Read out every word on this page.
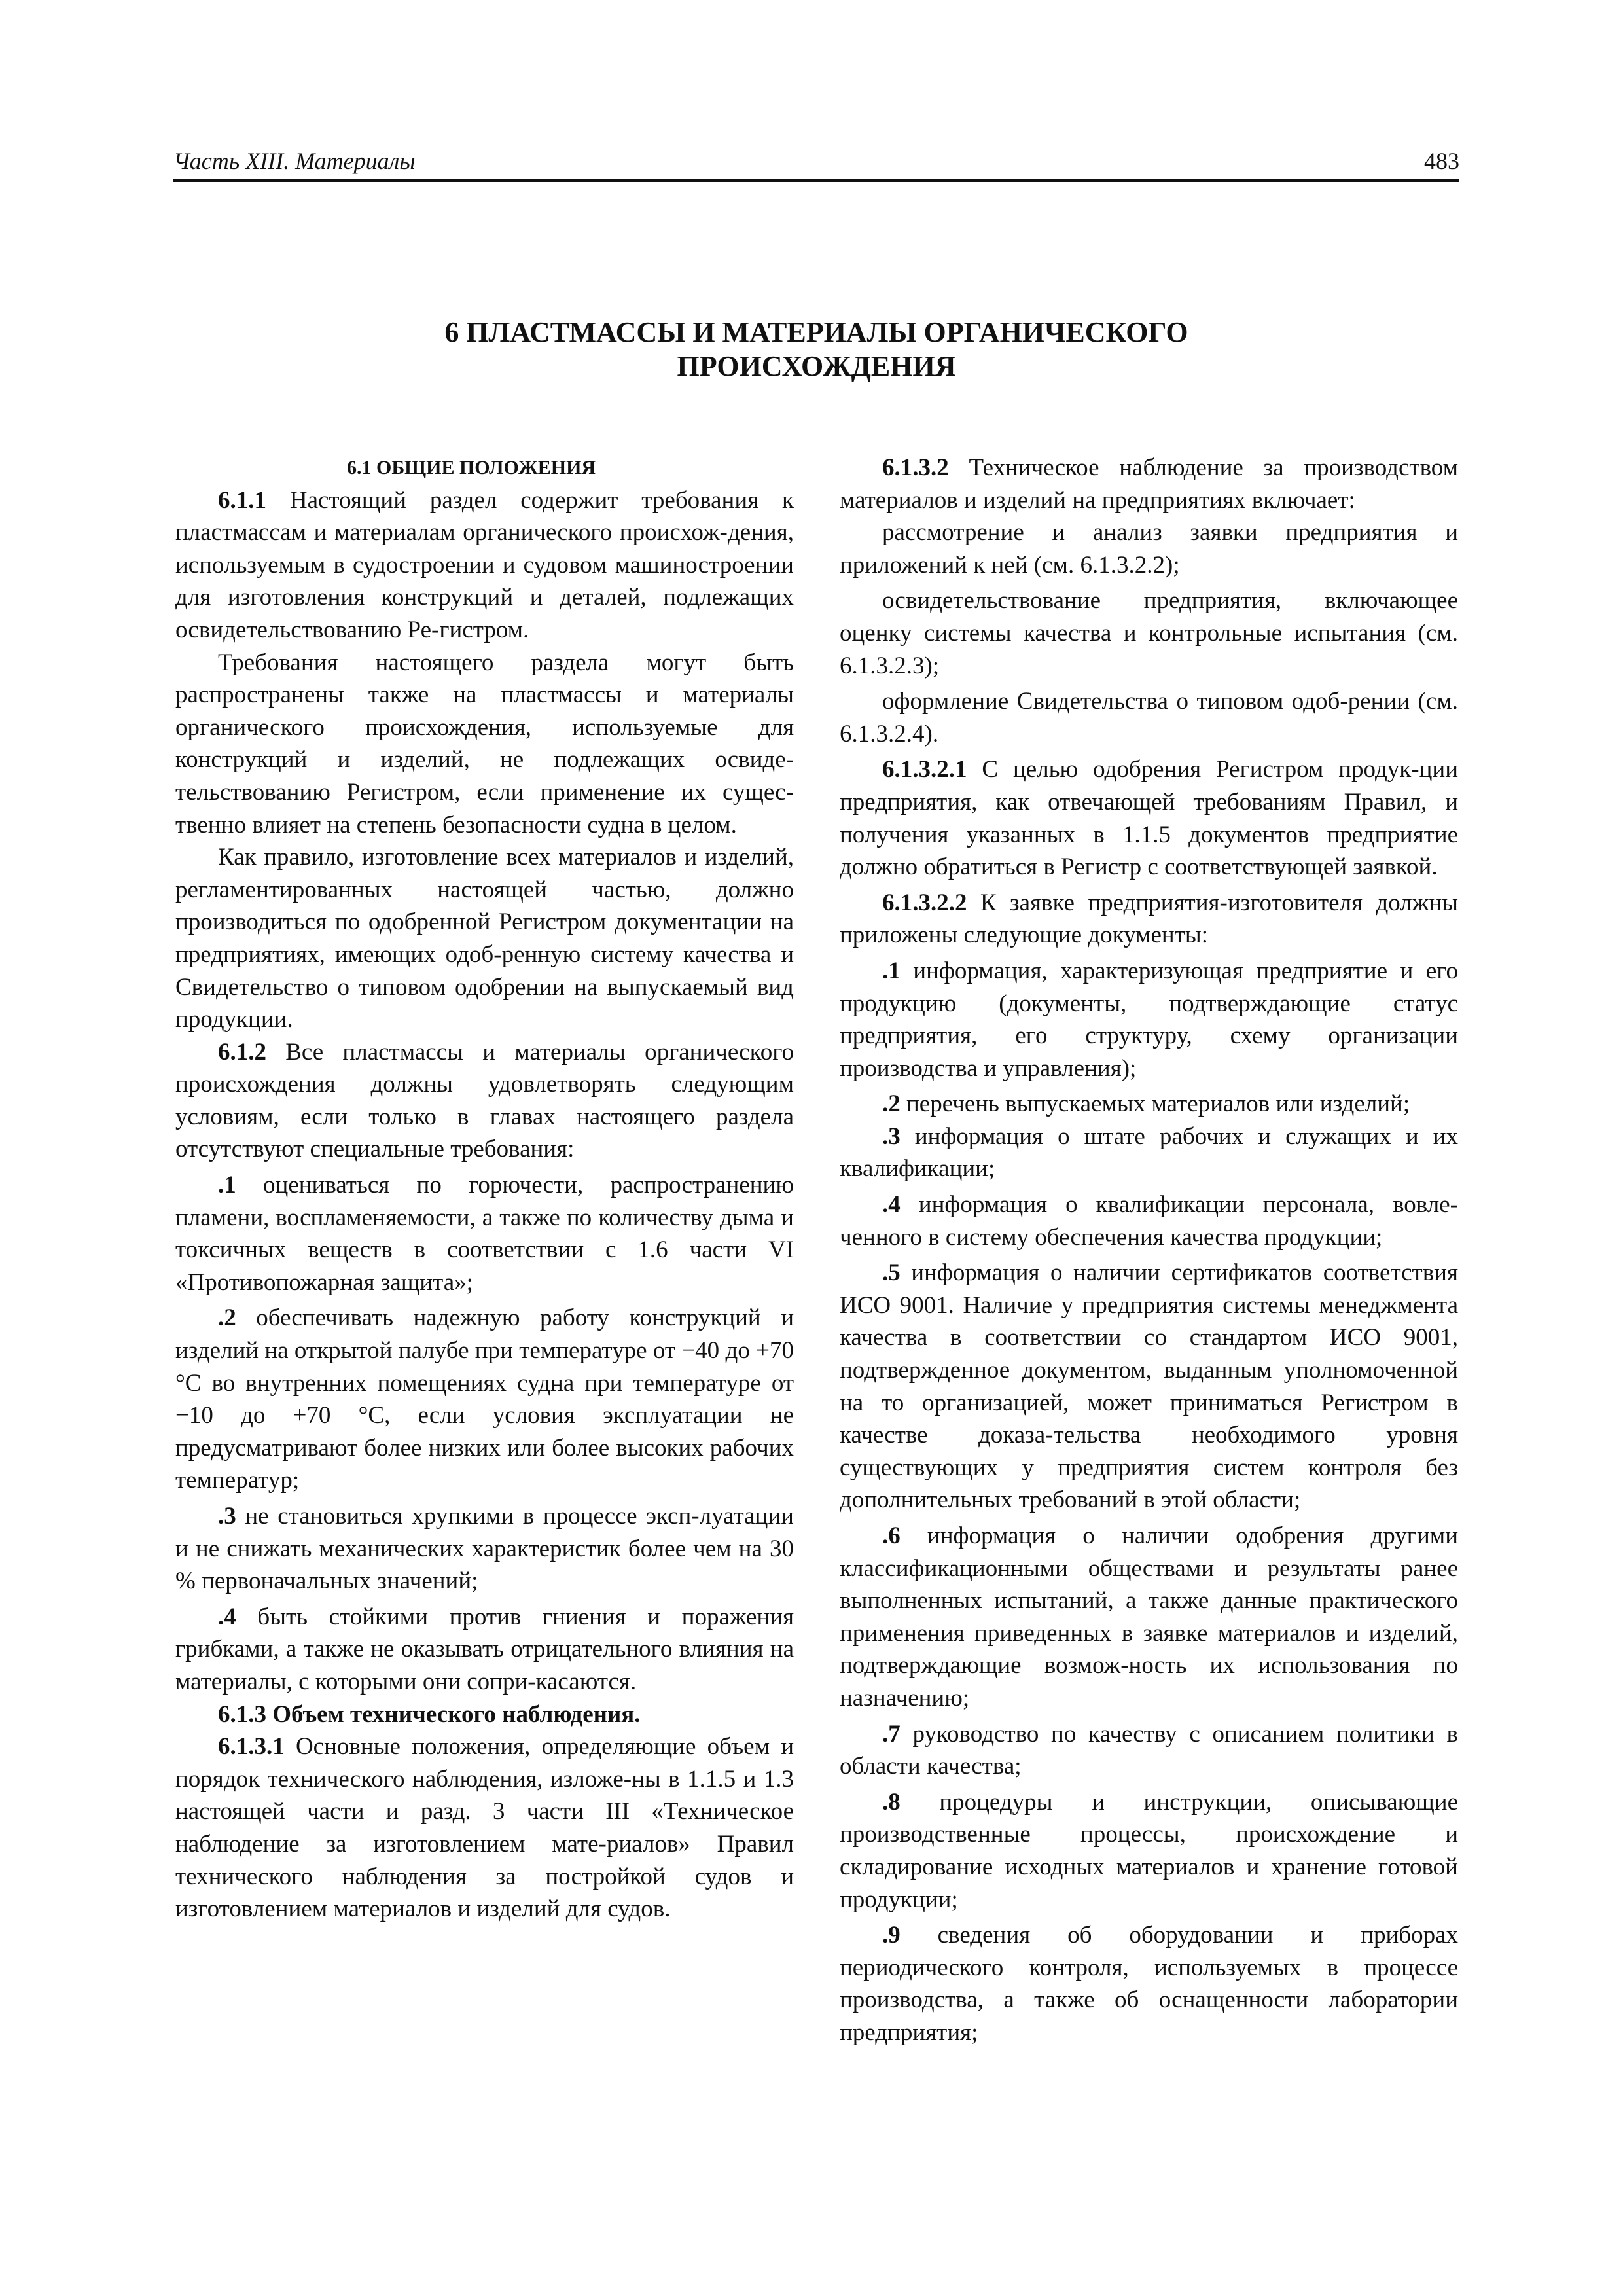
Часть XIII. Материалы	483
6 ПЛАСТМАССЫ И МАТЕРИАЛЫ ОРГАНИЧЕСКОГО
ПРОИСХОЖДЕНИЯ

6.1 ОБЩИЕ ПОЛОЖЕНИЯ

6.1.1 Настоящий раздел содержит требования к пластмассам и материалам органического происхож-дения, используемым в судостроении и судовом машиностроении для изготовления конструкций и деталей, подлежащих освидетельствованию Ре-гистром.

Требования настоящего раздела могут быть распространены также на пластмассы и материалы органического происхождения, используемые для конструкций и изделий, не подлежащих освиде-тельствованию Регистром, если применение их сущес-твенно влияет на степень безопасности судна в целом.

Как правило, изготовление всех материалов и изделий, регламентированных настоящей частью, должно производиться по одобренной Регистром документации на предприятиях, имеющих одоб-ренную систему качества и Свидетельство о типовом одобрении на выпускаемый вид продукции.

6.1.2 Все пластмассы и материалы органического происхождения должны удовлетворять следующим условиям, если только в главах настоящего раздела отсутствуют специальные требования:

.1 оцениваться по горючести, распространению пламени, воспламеняемости, а также по количеству дыма и токсичных веществ в соответствии с 1.6 части VI «Противопожарная защита»;

.2 обеспечивать надежную работу конструкций и изделий на открытой палубе при температуре от −40 до +70 °С во внутренних помещениях судна при температуре от −10 до +70 °С, если условия эксплуатации не предусматривают более низких или более высоких рабочих температур;

.3 не становиться хрупкими в процессе эксп-луатации и не снижать механических характеристик более чем на 30 % первоначальных значений;

.4 быть стойкими против гниения и поражения грибками, а также не оказывать отрицательного влияния на материалы, с которыми они сопри-касаются.

6.1.3 Объем технического наблюдения.

6.1.3.1 Основные положения, определяющие объем и порядок технического наблюдения, изложе-ны в 1.1.5 и 1.3 настоящей части и разд. 3 части III «Техническое наблюдение за изготовлением мате-риалов» Правил технического наблюдения за постройкой судов и изготовлением материалов и изделий для судов.

6.1.3.2 Техническое наблюдение за производством материалов и изделий на предприятиях включает:

рассмотрение и анализ заявки предприятия и приложений к ней (см. 6.1.3.2.2);

освидетельствование предприятия, включающее оценку системы качества и контрольные испытания (см. 6.1.3.2.3);

оформление Свидетельства о типовом одоб-рении (см. 6.1.3.2.4).

6.1.3.2.1 С целью одобрения Регистром продук-ции предприятия, как отвечающей требованиям Правил, и получения указанных в 1.1.5 документов предприятие должно обратиться в Регистр с соответствующей заявкой.

6.1.3.2.2 К заявке предприятия-изготовителя должны приложены следующие документы:

.1 информация, характеризующая предприятие и его продукцию (документы, подтверждающие статус предприятия, его структуру, схему организации производства и управления);

.2 перечень выпускаемых материалов или изделий;

.3 информация о штате рабочих и служащих и их квалификации;

.4 информация о квалификации персонала, вовле-ченного в систему обеспечения качества продукции;

.5 информация о наличии сертификатов соответствия ИСО 9001. Наличие у предприятия системы менеджмента качества в соответствии со стандартом ИСО 9001, подтвержденное документом, выданным уполномоченной на то организацией, может приниматься Регистром в качестве доказа-тельства необходимого уровня существующих у предприятия систем контроля без дополнительных требований в этой области;

.6 информация о наличии одобрения другими классификационными обществами и результаты ранее выполненных испытаний, а также данные практического применения приведенных в заявке материалов и изделий, подтверждающие возмож-ность их использования по назначению;

.7 руководство по качеству с описанием политики в области качества;

.8 процедуры и инструкции, описывающие производственные процессы, происхождение и складирование исходных материалов и хранение готовой продукции;

.9 сведения об оборудовании и приборах периодического контроля, используемых в процессе производства, а также об оснащенности лаборатории предприятия;
